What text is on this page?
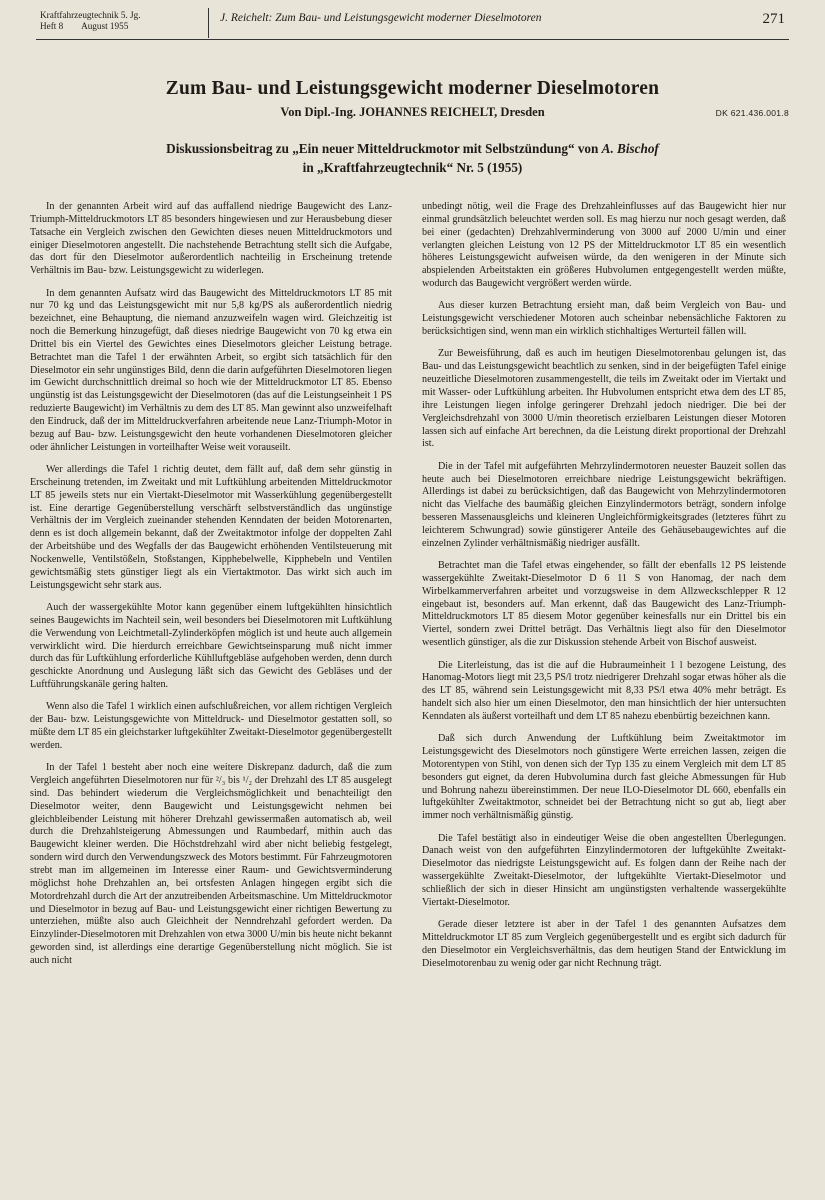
Kraftfahrzeugtechnik 5. Jg.
Heft 8        August 1955
J. Reichelt: Zum Bau- und Leistungsgewicht moderner Dieselmotoren	271
Zum Bau- und Leistungsgewicht moderner Dieselmotoren
Von Dipl.-Ing. JOHANNES REICHELT, Dresden	DK 621.436.001.8
Diskussionsbeitrag zu „Ein neuer Mitteldruckmotor mit Selbstzündung“ von A. Bischof
in „Kraftfahrzeugtechnik“ Nr. 5 (1955)

In der genannten Arbeit wird auf das auffallend niedrige Baugewicht des Lanz-Triumph-Mitteldruckmotors LT 85 besonders hingewiesen und zur Herausbebung dieser Tatsache ein Vergleich zwischen den Gewichten dieses neuen Mitteldruckmotors und einiger Dieselmotoren angestellt. Die nachstehende Betrachtung stellt sich die Aufgabe, das dort für den Dieselmotor außerordentlich nachteilig in Erscheinung tretende Verhältnis im Bau- bzw. Leistungsgewicht zu widerlegen.

In dem genannten Aufsatz wird das Baugewicht des Mitteldruckmotors LT 85 mit nur 70 kg und das Leistungsgewicht mit nur 5,8 kg/PS als außerordentlich niedrig bezeichnet, eine Behauptung, die niemand anzuzweifeln wagen wird. Gleichzeitig ist noch die Bemerkung hinzugefügt, daß dieses niedrige Baugewicht von 70 kg etwa ein Drittel bis ein Viertel des Gewichtes eines Dieselmotors gleicher Leistung betrage. Betrachtet man die Tafel 1 der erwähnten Arbeit, so ergibt sich tatsächlich für den Dieselmotor ein sehr ungünstiges Bild, denn die darin aufgeführten Dieselmotoren liegen im Gewicht durchschnittlich dreimal so hoch wie der Mitteldruckmotor LT 85. Ebenso ungünstig ist das Leistungsgewicht der Dieselmotoren (das auf die Leistungseinheit 1 PS reduzierte Baugewicht) im Verhältnis zu dem des LT 85. Man gewinnt also unzweifelhaft den Eindruck, daß der im Mitteldruckverfahren arbeitende neue Lanz-Triumph-Motor in bezug auf Bau- bzw. Leistungsgewicht den heute vorhandenen Dieselmotoren gleicher oder ähnlicher Leistungen in vorteilhafter Weise weit vorauseilt.

Wer allerdings die Tafel 1 richtig deutet, dem fällt auf, daß dem sehr günstig in Erscheinung tretenden, im Zweitakt und mit Luftkühlung arbeitenden Mitteldruckmotor LT 85 jeweils stets nur ein Viertakt-Dieselmotor mit Wasserkühlung gegenübergestellt ist. Eine derartige Gegenüberstellung verschärft selbstverständlich das ungünstige Verhältnis der im Vergleich zueinander stehenden Kenndaten der beiden Motorenarten, denn es ist doch allgemein bekannt, daß der Zweitaktmotor infolge der doppelten Zahl der Arbeitshübe und des Wegfalls der das Baugewicht erhöhenden Ventilsteuerung mit Nockenwelle, Ventilstößeln, Stoßstangen, Kipphebelwelle, Kipphebeln und Ventilen gewichtsmäßig stets günstiger liegt als ein Viertaktmotor. Das wirkt sich auch im Leistungsgewicht sehr stark aus.

Auch der wassergekühlte Motor kann gegenüber einem luftgekühlten hinsichtlich seines Baugewichts im Nachteil sein, weil besonders bei Dieselmotoren mit Luftkühlung die Verwendung von Leichtmetall-Zylinderköpfen möglich ist und heute auch allgemein verwirklicht wird. Die hierdurch erreichbare Gewichtseinsparung muß nicht immer durch das für Luftkühlung erforderliche Kühlluftgebläse aufgehoben werden, denn durch geschickte Anordnung und Auslegung läßt sich das Gewicht des Gebläses und der Luftführungskanäle gering halten.

Wenn also die Tafel 1 wirklich einen aufschlußreichen, vor allem richtigen Vergleich der Bau- bzw. Leistungsgewichte von Mitteldruck- und Dieselmotor gestatten soll, so müßte dem LT 85 ein gleichstarker luftgekühlter Zweitakt-Dieselmotor gegenübergestellt werden.

In der Tafel 1 besteht aber noch eine weitere Diskrepanz dadurch, daß die zum Vergleich angeführten Dieselmotoren nur für ²/₃ bis ¹/₂ der Drehzahl des LT 85 ausgelegt sind. Das behindert wiederum die Vergleichsmöglichkeit und benachteiligt den Dieselmotor weiter, denn Baugewicht und Leistungsgewicht nehmen bei gleichbleibender Leistung mit höherer Drehzahl gewissermaßen automatisch ab, weil durch die Drehzahlsteigerung Abmessungen und Raumbedarf, mithin auch das Baugewicht kleiner werden. Die Höchstdrehzahl wird aber nicht beliebig festgelegt, sondern wird durch den Verwendungszweck des Motors bestimmt. Für Fahrzeugmotoren strebt man im allgemeinen im Interesse einer Raum- und Gewichtsverminderung möglichst hohe Drehzahlen an, bei ortsfesten Anlagen hingegen ergibt sich die Motordrehzahl durch die Art der anzutreibenden Arbeitsmaschine. Um Mitteldruckmotor und Dieselmotor in bezug auf Bau- und Leistungsgewicht einer richtigen Bewertung zu unterziehen, müßte also auch Gleichheit der Nenndrehzahl gefordert werden. Da Einzylinder-Dieselmotoren mit Drehzahlen von etwa 3000 U/min bis heute nicht bekannt geworden sind, ist allerdings eine derartige Gegenüberstellung nicht möglich. Sie ist auch nicht

unbedingt nötig, weil die Frage des Drehzahleinflusses auf das Baugewicht hier nur einmal grundsätzlich beleuchtet werden soll. Es mag hierzu nur noch gesagt werden, daß bei einer (gedachten) Drehzahlverminderung von 3000 auf 2000 U/min und einer verlangten gleichen Leistung von 12 PS der Mitteldruckmotor LT 85 ein wesentlich höheres Leistungsgewicht aufweisen würde, da den wenigeren in der Minute sich abspielenden Arbeitstakten ein größeres Hubvolumen entgegengestellt werden müßte, wodurch das Baugewicht vergrößert werden würde.

Aus dieser kurzen Betrachtung ersieht man, daß beim Vergleich von Bau- und Leistungsgewicht verschiedener Motoren auch scheinbar nebensächliche Faktoren zu berücksichtigen sind, wenn man ein wirklich stichhaltiges Werturteil fällen will.

Zur Beweisführung, daß es auch im heutigen Dieselmotorenbau gelungen ist, das Bau- und das Leistungsgewicht beachtlich zu senken, sind in der beigefügten Tafel einige neuzeitliche Dieselmotoren zusammengestellt, die teils im Zweitakt oder im Viertakt und mit Wasser- oder Luftkühlung arbeiten. Ihr Hubvolumen entspricht etwa dem des LT 85, ihre Leistungen liegen infolge geringerer Drehzahl jedoch niedriger. Die bei der Vergleichsdrehzahl von 3000 U/min theoretisch erzielbaren Leistungen dieser Motoren lassen sich auf einfache Art berechnen, da die Leistung direkt proportional der Drehzahl ist.

Die in der Tafel mit aufgeführten Mehrzylindermotoren neuester Bauzeit sollen das heute auch bei Dieselmotoren erreichbare niedrige Leistungsgewicht bekräftigen. Allerdings ist dabei zu berücksichtigen, daß das Baugewicht von Mehrzylindermotoren nicht das Vielfache des baumäßig gleichen Einzylindermotors beträgt, sondern infolge besseren Massenausgleichs und kleineren Ungleichförmigkeitsgrades (letzteres führt zu leichterem Schwungrad) sowie günstigerer Anteile des Gehäusebaugewichtes auf die einzelnen Zylinder verhältnismäßig niedriger ausfällt.

Betrachtet man die Tafel etwas eingehender, so fällt der ebenfalls 12 PS leistende wassergekühlte Zweitakt-Dieselmotor D 6 11 S von Hanomag, der nach dem Wirbelkammerverfahren arbeitet und vorzugsweise in dem Allzweckschlepper R 12 eingebaut ist, besonders auf. Man erkennt, daß das Baugewicht des Lanz-Triumph-Mitteldruckmotors LT 85 diesem Motor gegenüber keinesfalls nur ein Drittel bis ein Viertel, sondern zwei Drittel beträgt. Das Verhältnis liegt also für den Dieselmotor wesentlich günstiger, als die zur Diskussion stehende Arbeit von Bischof ausweist.

Die Literleistung, das ist die auf die Hubraumeinheit 1 l bezogene Leistung, des Hanomag-Motors liegt mit 23,5 PS/l trotz niedrigerer Drehzahl sogar etwas höher als die des LT 85, während sein Leistungsgewicht mit 8,33 PS/l etwa 40% mehr beträgt. Es handelt sich also hier um einen Dieselmotor, den man hinsichtlich der hier untersuchten Kenndaten als äußerst vorteilhaft und dem LT 85 nahezu ebenbürtig bezeichnen kann.

Daß sich durch Anwendung der Luftkühlung beim Zweitaktmotor im Leistungsgewicht des Dieselmotors noch günstigere Werte erreichen lassen, zeigen die Motorentypen von Stihl, von denen sich der Typ 135 zu einem Vergleich mit dem LT 85 besonders gut eignet, da deren Hubvolumina durch fast gleiche Abmessungen für Hub und Bohrung nahezu übereinstimmen. Der neue ILO-Dieselmotor DL 660, ebenfalls ein luftgekühlter Zweitaktmotor, schneidet bei der Betrachtung nicht so gut ab, liegt aber immer noch verhältnismäßig günstig.

Die Tafel bestätigt also in eindeutiger Weise die oben angestellten Überlegungen. Danach weist von den aufgeführten Einzylindermotoren der luftgekühlte Zweitakt-Dieselmotor das niedrigste Leistungsgewicht auf. Es folgen dann der Reihe nach der wassergekühlte Zweitakt-Dieselmotor, der luftgekühlte Viertakt-Dieselmotor und schließlich der sich in dieser Hinsicht am ungünstigsten verhaltende wassergekühlte Viertakt-Dieselmotor.

Gerade dieser letztere ist aber in der Tafel 1 des genannten Aufsatzes dem Mitteldruckmotor LT 85 zum Vergleich gegenübergestellt und es ergibt sich dadurch für den Dieselmotor ein Vergleichsverhältnis, das dem heutigen Stand der Entwicklung im Dieselmotorenbau zu wenig oder gar nicht Rechnung trägt.
